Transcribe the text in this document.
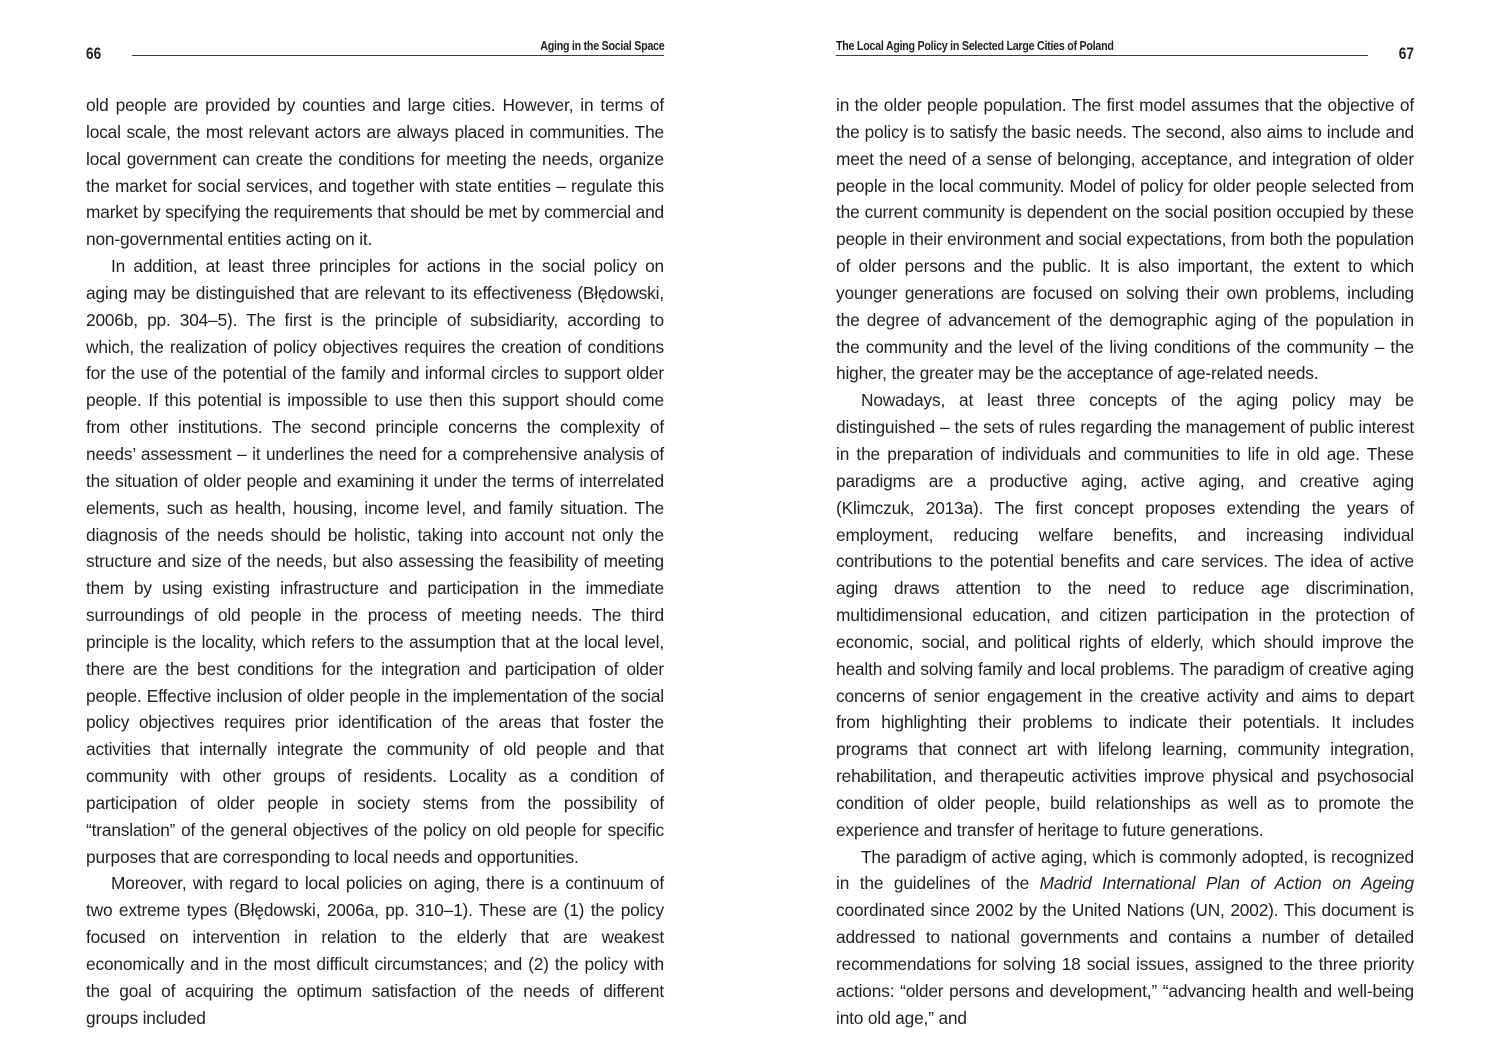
66	Aging in the Social Space

old people are provided by counties and large cities. However, in terms of local scale, the most relevant actors are always placed in communities. The local government can create the conditions for meeting the needs, organize the market for social services, and together with state entities – regulate this market by specifying the requirements that should be met by commercial and non-governmental entities acting on it.

In addition, at least three principles for actions in the social policy on aging may be distinguished that are relevant to its effectiveness (Błędowski, 2006b, pp. 304–5). The first is the principle of subsidiarity, according to which, the realization of policy objectives requires the creation of conditions for the use of the potential of the family and informal circles to support older people. If this potential is impossible to use then this support should come from other institutions. The second principle concerns the complexity of needs’ assessment – it underlines the need for a comprehensive analysis of the situation of older people and examining it under the terms of interrelated elements, such as health, housing, income level, and family situation. The diagnosis of the needs should be holistic, taking into account not only the structure and size of the needs, but also assessing the feasibility of meeting them by using existing infrastructure and participation in the immediate surroundings of old people in the process of meeting needs. The third principle is the locality, which refers to the assumption that at the local level, there are the best conditions for the integration and participation of older people. Effective inclusion of older people in the implementation of the social policy objectives requires prior identification of the areas that foster the activities that internally integrate the community of old people and that community with other groups of residents. Locality as a condition of participation of older people in society stems from the possibility of “translation” of the general objectives of the policy on old people for specific purposes that are corresponding to local needs and opportunities.

Moreover, with regard to local policies on aging, there is a continuum of two extreme types (Błędowski, 2006a, pp. 310–1). These are (1) the policy focused on intervention in relation to the elderly that are weakest economically and in the most difficult circumstances; and (2) the policy with the goal of acquiring the optimum satisfaction of the needs of different groups included

The Local Aging Policy in Selected Large Cities of Poland	67

in the older people population. The first model assumes that the objective of the policy is to satisfy the basic needs. The second, also aims to include and meet the need of a sense of belonging, acceptance, and integration of older people in the local community. Model of policy for older people selected from the current community is dependent on the social position occupied by these people in their environment and social expectations, from both the population of older persons and the public. It is also important, the extent to which younger generations are focused on solving their own problems, including the degree of advancement of the demographic aging of the population in the community and the level of the living conditions of the community – the higher, the greater may be the acceptance of age-related needs.

Nowadays, at least three concepts of the aging policy may be distinguished – the sets of rules regarding the management of public interest in the preparation of individuals and communities to life in old age. These paradigms are a productive aging, active aging, and creative aging (Klimczuk, 2013a). The first concept proposes extending the years of employment, reducing welfare benefits, and increasing individual contributions to the potential benefits and care services. The idea of active aging draws attention to the need to reduce age discrimination, multidimensional education, and citizen participation in the protection of economic, social, and political rights of elderly, which should improve the health and solving family and local problems. The paradigm of creative aging concerns of senior engagement in the creative activity and aims to depart from highlighting their problems to indicate their potentials. It includes programs that connect art with lifelong learning, community integration, rehabilitation, and therapeutic activities improve physical and psychosocial condition of older people, build relationships as well as to promote the experience and transfer of heritage to future generations.

The paradigm of active aging, which is commonly adopted, is recognized in the guidelines of the Madrid International Plan of Action on Ageing coordinated since 2002 by the United Nations (UN, 2002). This document is addressed to national governments and contains a number of detailed recommendations for solving 18 social issues, assigned to the three priority actions: “older persons and development,” “advancing health and well-being into old age,” and
